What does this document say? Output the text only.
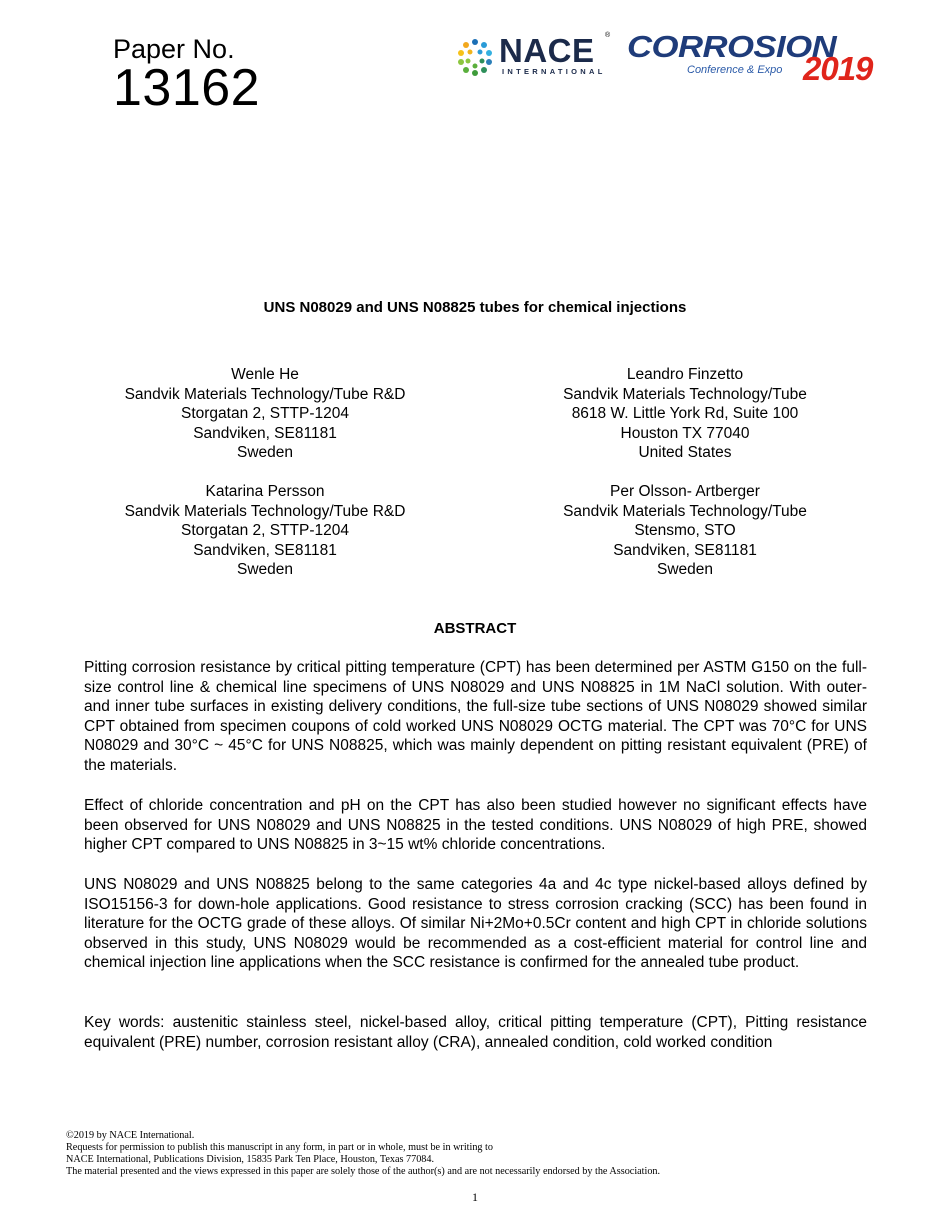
Paper No.
13162
NACE ®
INTERNATIONAL
CORROSION
Conference & Expo 2019
UNS N08029 and UNS N08825 tubes for chemical injections
Wenle He
Sandvik Materials Technology/Tube R&D
Storgatan 2, STTP-1204
Sandviken, SE81181
Sweden
Leandro Finzetto
Sandvik Materials Technology/Tube
8618 W. Little York Rd, Suite 100
Houston TX 77040
United States
Katarina Persson
Sandvik Materials Technology/Tube R&D
Storgatan 2, STTP-1204
Sandviken, SE81181
Sweden
Per Olsson- Artberger
Sandvik Materials Technology/Tube
Stensmo, STO
Sandviken, SE81181
Sweden
ABSTRACT
Pitting corrosion resistance by critical pitting temperature (CPT) has been determined per ASTM G150 on the full-size control line & chemical line specimens of UNS N08029 and UNS N08825 in 1M NaCl solution. With outer- and inner tube surfaces in existing delivery conditions, the full-size tube sections of UNS N08029 showed similar CPT obtained from specimen coupons of cold worked UNS N08029 OCTG material. The CPT was 70°C for UNS N08029 and 30°C ~ 45°C for UNS N08825, which was mainly dependent on pitting resistant equivalent (PRE) of the materials.
Effect of chloride concentration and pH on the CPT has also been studied however no significant effects have been observed for UNS N08029 and UNS N08825 in the tested conditions. UNS N08029 of high PRE, showed higher CPT compared to UNS N08825 in 3~15 wt% chloride concentrations.
UNS N08029 and UNS N08825 belong to the same categories 4a and 4c type nickel-based alloys defined by ISO15156-3 for down-hole applications. Good resistance to stress corrosion cracking (SCC) has been found in literature for the OCTG grade of these alloys. Of similar Ni+2Mo+0.5Cr content and high CPT in chloride solutions observed in this study, UNS N08029 would be recommended as a cost-efficient material for control line and chemical injection line applications when the SCC resistance is confirmed for the annealed tube product.
Key words: austenitic stainless steel, nickel-based alloy, critical pitting temperature (CPT), Pitting resistance equivalent (PRE) number, corrosion resistant alloy (CRA), annealed condition, cold worked condition
©2019 by NACE International.
Requests for permission to publish this manuscript in any form, in part or in whole, must be in writing to
NACE International, Publications Division, 15835 Park Ten Place, Houston, Texas 77084.
The material presented and the views expressed in this paper are solely those of the author(s) and are not necessarily endorsed by the Association.
1
